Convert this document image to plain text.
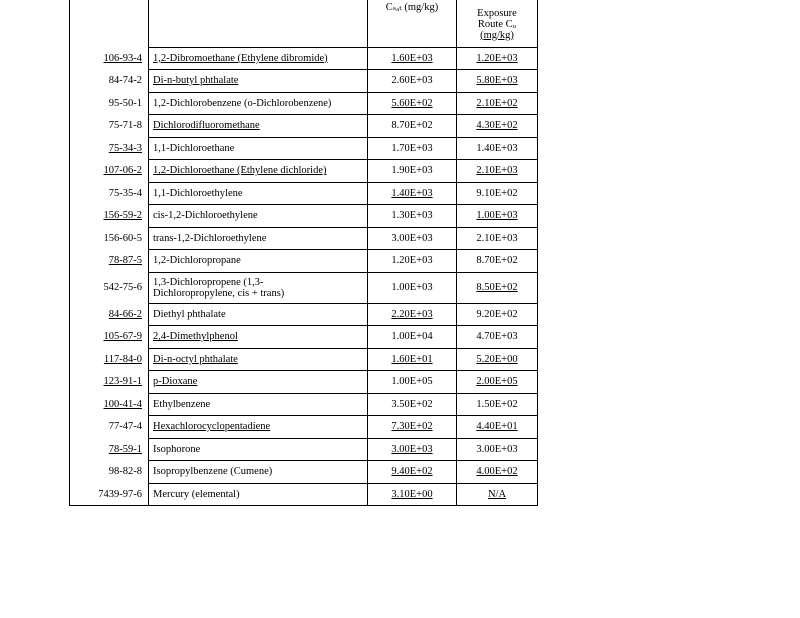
		Cₛₐₜ (mg/kg)	Exposure
Route Cᵤ
(mg/kg)

106-93-4	1,2-Dibromoethane (Ethylene dibromide)	1.60E+03	1.20E+03
84-74-2	Di-n-butyl phthalate	2.60E+03	5.80E+03
95-50-1	1,2-Dichlorobenzene (o-Dichlorobenzene)	5.60E+02	2.10E+02
75-71-8	Dichlorodifluoromethane	8.70E+02	4.30E+02
75-34-3	1,1-Dichloroethane	1.70E+03	1.40E+03
107-06-2	1,2-Dichloroethane (Ethylene dichloride)	1.90E+03	2.10E+03
75-35-4	1,1-Dichloroethylene	1.40E+03	9.10E+02
156-59-2	cis-1,2-Dichloroethylene	1.30E+03	1.00E+03
156-60-5	trans-1,2-Dichloroethylene	3.00E+03	2.10E+03
78-87-5	1,2-Dichloropropane	1.20E+03	8.70E+02
542-75-6	1,3-Dichloropropene (1,3-
Dichloropropylene, cis + trans)	1.00E+03	8.50E+02
84-66-2	Diethyl phthalate	2.20E+03	9.20E+02
105-67-9	2,4-Dimethylphenol	1.00E+04	4.70E+03
117-84-0	Di-n-octyl phthalate	1.60E+01	5.20E+00
123-91-1	p-Dioxane	1.00E+05	2.00E+05
100-41-4	Ethylbenzene	3.50E+02	1.50E+02
77-47-4	Hexachlorocyclopentadiene	7.30E+02	4.40E+01
78-59-1	Isophorone	3.00E+03	3.00E+03
98-82-8	Isopropylbenzene (Cumene)	9.40E+02	4.00E+02
7439-97-6	Mercury (elemental)	3.10E+00	N/A
